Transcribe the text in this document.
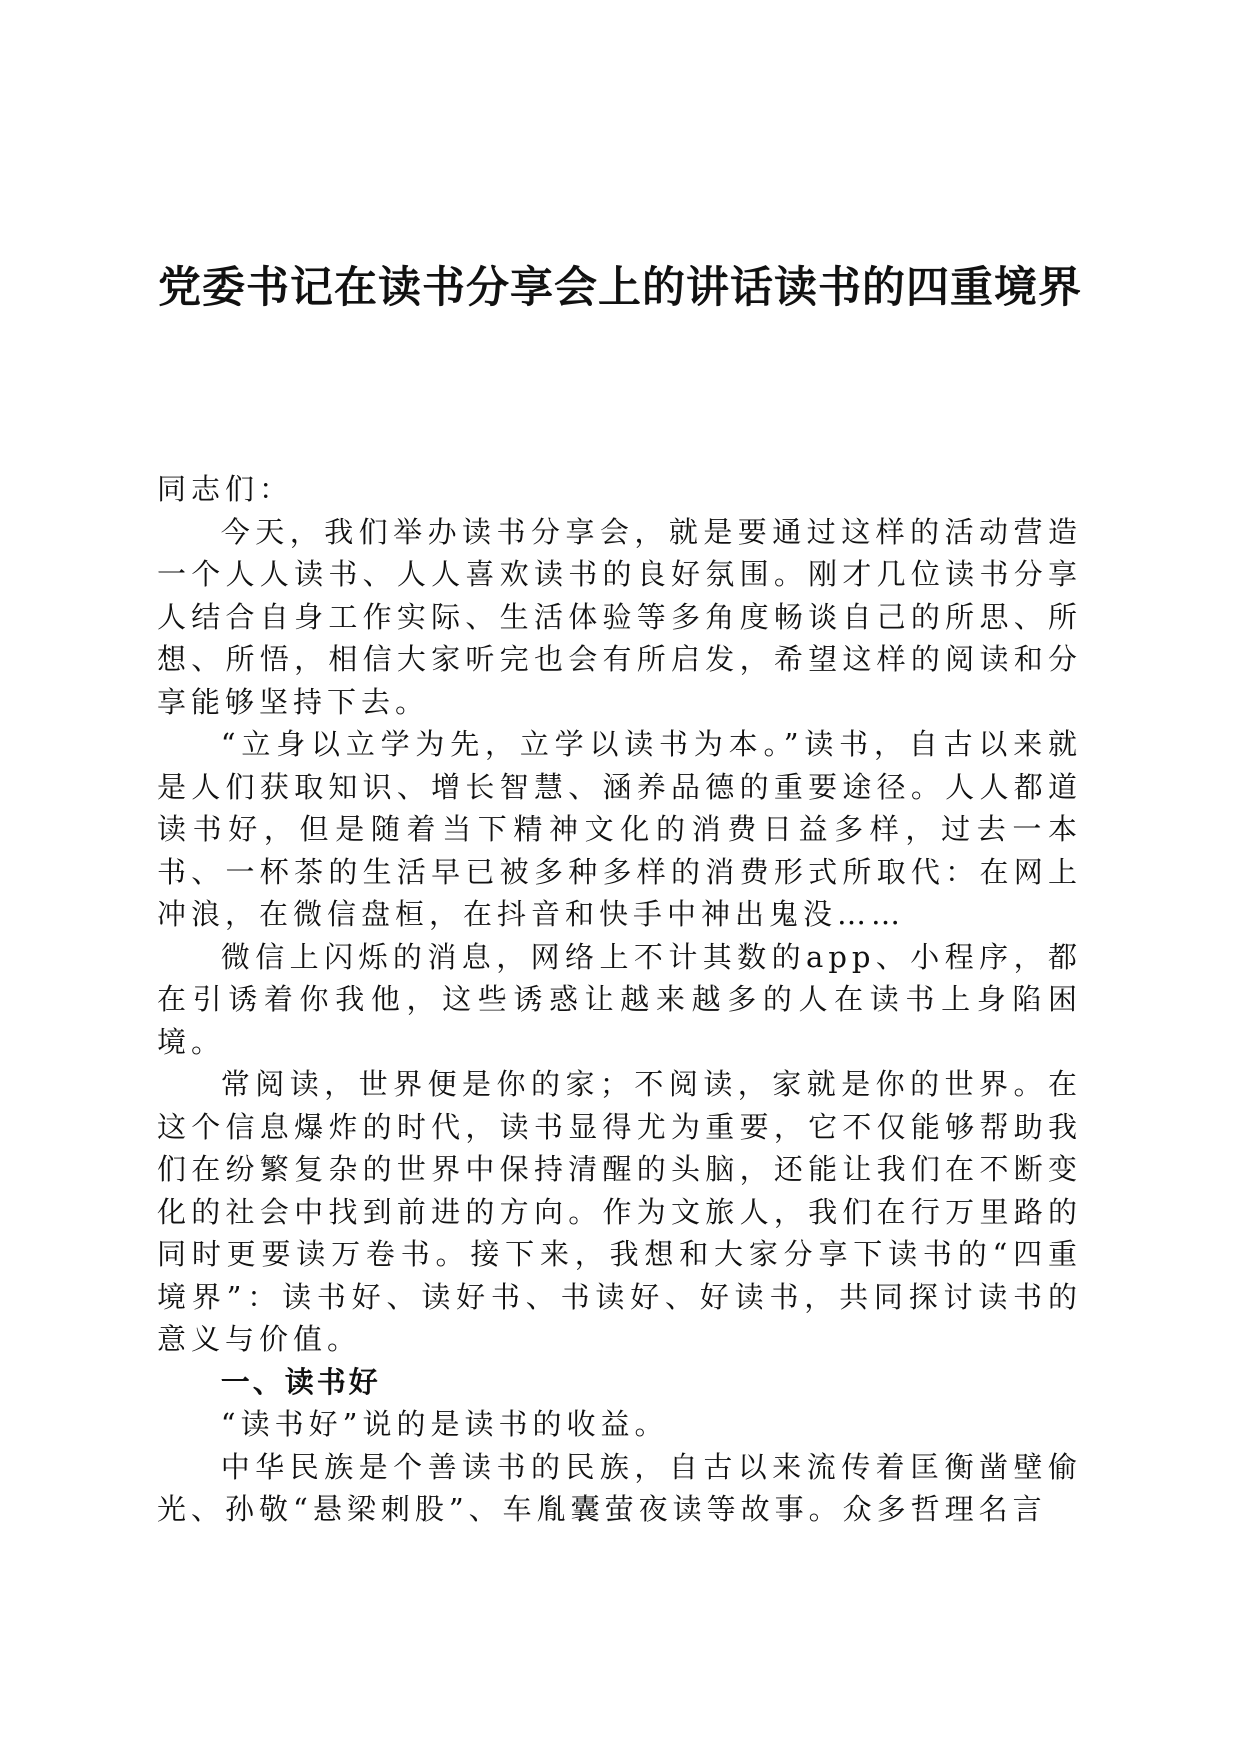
党委书记在读书分享会上的讲话读书的四重境界

同志们：

今天，我们举办读书分享会，就是要通过这样的活动营造一个人人读书、人人喜欢读书的良好氛围。刚才几位读书分享人结合自身工作实际、生活体验等多角度畅谈自己的所思、所想、所悟，相信大家听完也会有所启发，希望这样的阅读和分享能够坚持下去。

“立身以立学为先，立学以读书为本。”读书，自古以来就是人们获取知识、增长智慧、涵养品德的重要途径。人人都道读书好，但是随着当下精神文化的消费日益多样，过去一本书、一杯茶的生活早已被多种多样的消费形式所取代：在网上冲浪，在微信盘桓，在抖音和快手中神出鬼没……

微信上闪烁的消息，网络上不计其数的app、小程序，都在引诱着你我他，这些诱惑让越来越多的人在读书上身陷困境。

常阅读，世界便是你的家；不阅读，家就是你的世界。在这个信息爆炸的时代，读书显得尤为重要，它不仅能够帮助我们在纷繁复杂的世界中保持清醒的头脑，还能让我们在不断变化的社会中找到前进的方向。作为文旅人，我们在行万里路的同时更要读万卷书。接下来，我想和大家分享下读书的“四重境界”：读书好、读好书、书读好、好读书，共同探讨读书的意义与价值。

一、读书好

“读书好”说的是读书的收益。

中华民族是个善读书的民族，自古以来流传着匡衡凿壁偷光、孙敬“悬梁刺股”、车胤囊萤夜读等故事。众多哲理名言
